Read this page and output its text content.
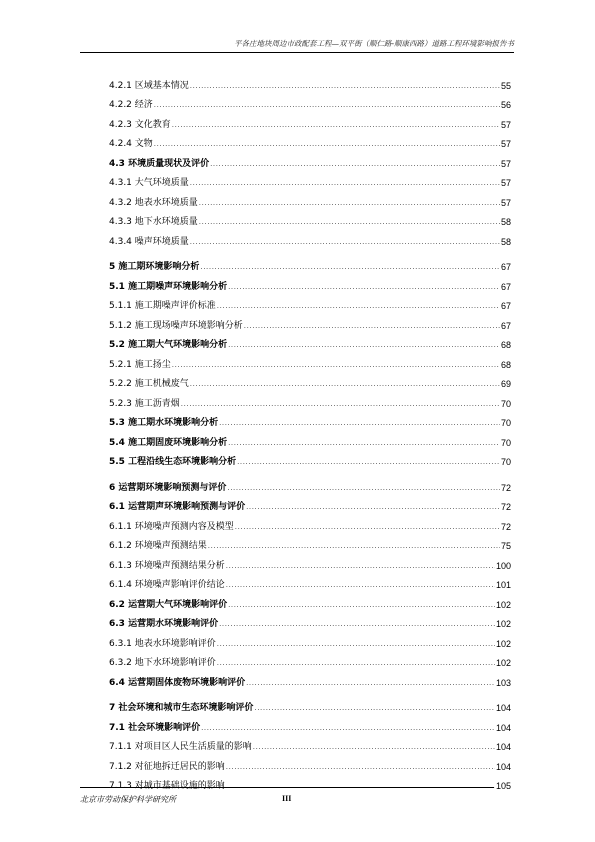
平各庄地块周边市政配套工程—双平街（顺仁路-顺康西路）道路工程环境影响报告书
4.2.1 区域基本情况 .....	55
4.2.2 经济 .....	56
4.2.3 文化教育 .....	57
4.2.4 文物 .....	57
4.3 环境质量现状及评价 .....	57
4.3.1 大气环境质量 .....	57
4.3.2 地表水环境质量 .....	57
4.3.3 地下水环境质量 .....	58
4.3.4 噪声环境质量 .....	58
5 施工期环境影响分析 .....	67
5.1 施工期噪声环境影响分析 .....	67
5.1.1 施工期噪声评价标准 .....	67
5.1.2 施工现场噪声环境影响分析 .....	67
5.2 施工期大气环境影响分析 .....	68
5.2.1 施工扬尘 .....	68
5.2.2 施工机械废气 .....	69
5.2.3 施工沥青烟 .....	70
5.3 施工期水环境影响分析 .....	70
5.4 施工期固废环境影响分析 .....	70
5.5 工程沿线生态环境影响分析 .....	70
6 运营期环境影响预测与评价 .....	72
6.1 运营期声环境影响预测与评价 .....	72
6.1.1 环境噪声预测内容及模型 .....	72
6.1.2 环境噪声预测结果 .....	75
6.1.3 环境噪声预测结果分析 .....	100
6.1.4 环境噪声影响评价结论 .....	101
6.2 运营期大气环境影响评价 .....	102
6.3 运营期水环境影响评价 .....	102
6.3.1 地表水环境影响评价 .....	102
6.3.2 地下水环境影响评价 .....	102
6.4 运营期固体废物环境影响评价 .....	103
7 社会环境和城市生态环境影响评价 .....	104
7.1 社会环境影响评价 .....	104
7.1.1 对项目区人民生活质量的影响 .....	104
7.1.2 对征地拆迁居民的影响 .....	104
7.1.3 对城市基础设施的影响 .....	105
北京市劳动保护科学研究所	III
